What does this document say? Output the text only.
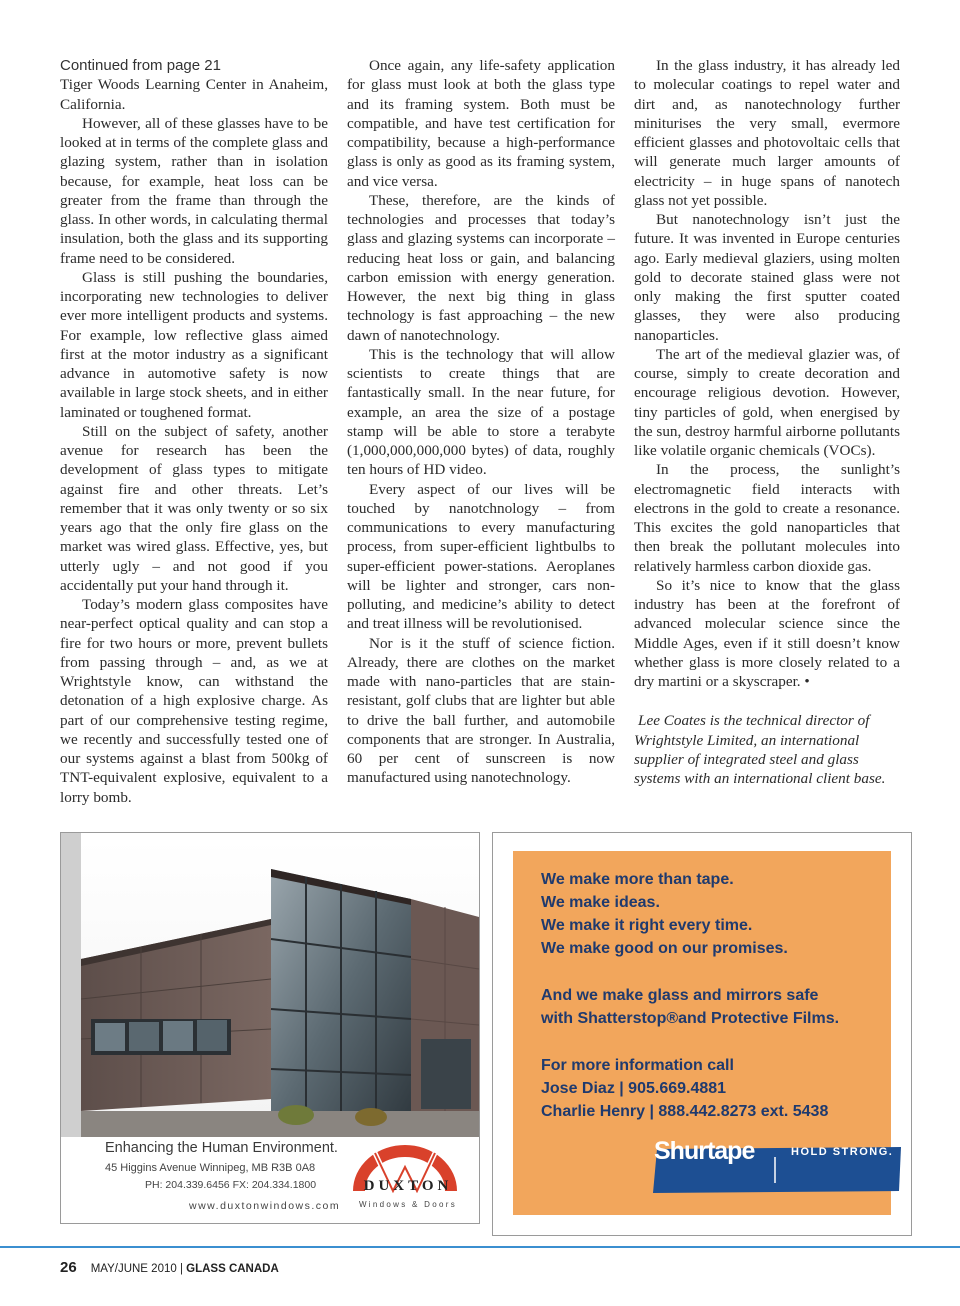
Continued from page 21

Tiger Woods Learning Center in Anaheim, California.

However, all of these glasses have to be looked at in terms of the complete glass and glazing system, rather than in isolation because, for example, heat loss can be greater from the frame than through the glass. In other words, in calculating thermal insulation, both the glass and its supporting frame need to be considered.

Glass is still pushing the boundaries, incorporating new technologies to deliver ever more intelligent products and systems. For example, low reflective glass aimed first at the motor industry as a significant advance in automotive safety is now available in large stock sheets, and in either laminated or toughened format.

Still on the subject of safety, another avenue for research has been the development of glass types to mitigate against fire and other threats. Let’s remember that it was only twenty or so six years ago that the only fire glass on the market was wired glass. Effective, yes, but utterly ugly – and not good if you accidentally put your hand through it.

Today’s modern glass composites have near-perfect optical quality and can stop a fire for two hours or more, prevent bullets from passing through – and, as we at Wrightstyle know, can withstand the detonation of a high explosive charge. As part of our comprehensive testing regime, we recently and successfully tested one of our systems against a blast from 500kg of TNT-equivalent explosive, equivalent to a lorry bomb.

Once again, any life-safety application for glass must look at both the glass type and its framing system. Both must be compatible, and have test certification for compatibility, because a high-performance glass is only as good as its framing system, and vice versa.

These, therefore, are the kinds of technologies and processes that today’s glass and glazing systems can incorporate – reducing heat loss or gain, and balancing carbon emission with energy generation. However, the next big thing in glass technology is fast approaching – the new dawn of nanotechnology.

This is the technology that will allow scientists to create things that are fantastically small. In the near future, for example, an area the size of a postage stamp will be able to store a terabyte (1,000,000,000,000 bytes) of data, roughly ten hours of HD video.

Every aspect of our lives will be touched by nanotchnology – from communications to every manufacturing process, from super-efficient lightbulbs to super-efficient power-stations. Aeroplanes will be lighter and stronger, cars non-polluting, and medicine’s ability to detect and treat illness will be revolutionised.

Nor is it the stuff of science fiction. Already, there are clothes on the market made with nano-particles that are stain-resistant, golf clubs that are lighter but able to drive the ball further, and automobile components that are stronger. In Australia, 60 per cent of sunscreen is now manufactured using nanotechnology.

In the glass industry, it has already led to molecular coatings to repel water and dirt and, as nanotechnology further miniturises the very small, evermore efficient glasses and photovoltaic cells that will generate much larger amounts of electricity – in huge spans of nanotech glass not yet possible.

But nanotechnology isn’t just the future. It was invented in Europe centuries ago. Early medieval glaziers, using molten gold to decorate stained glass were not only making the first sputter coated glasses, they were also producing nanoparticles.

The art of the medieval glazier was, of course, simply to create decoration and encourage religious devotion. However, tiny particles of gold, when energised by the sun, destroy harmful airborne pollutants like volatile organic chemicals (VOCs).

In the process, the sunlight’s electromagnetic field interacts with electrons in the gold to create a resonance. This excites the gold nanoparticles that then break the pollutant molecules into relatively harmless carbon dioxide gas.

So it’s nice to know that the glass industry has been at the forefront of advanced molecular science since the Middle Ages, even if it still doesn’t know whether glass is more closely related to a dry martini or a skyscraper. •

Lee Coates is the technical director of Wrightstyle Limited, an international supplier of integrated steel and glass systems with an international client base.

Enhancing the Human Environment.
45 Higgins Avenue Winnipeg, MB R3B 0A8
PH: 204.339.6456 FX: 204.334.1800
www.duxtonwindows.com
DUXTON
Windows & Doors
We make more than tape.
We make ideas.
We make it right every time.
We make good on our promises.
And we make glass and mirrors safe
with Shatterstop®and Protective Films.
For more information call
Jose Diaz | 905.669.4881
Charlie Henry | 888.442.8273 ext. 5438
Shurtape	HOLD STRONG.
26 MAY/JUNE 2010 | GLASS CANADA
